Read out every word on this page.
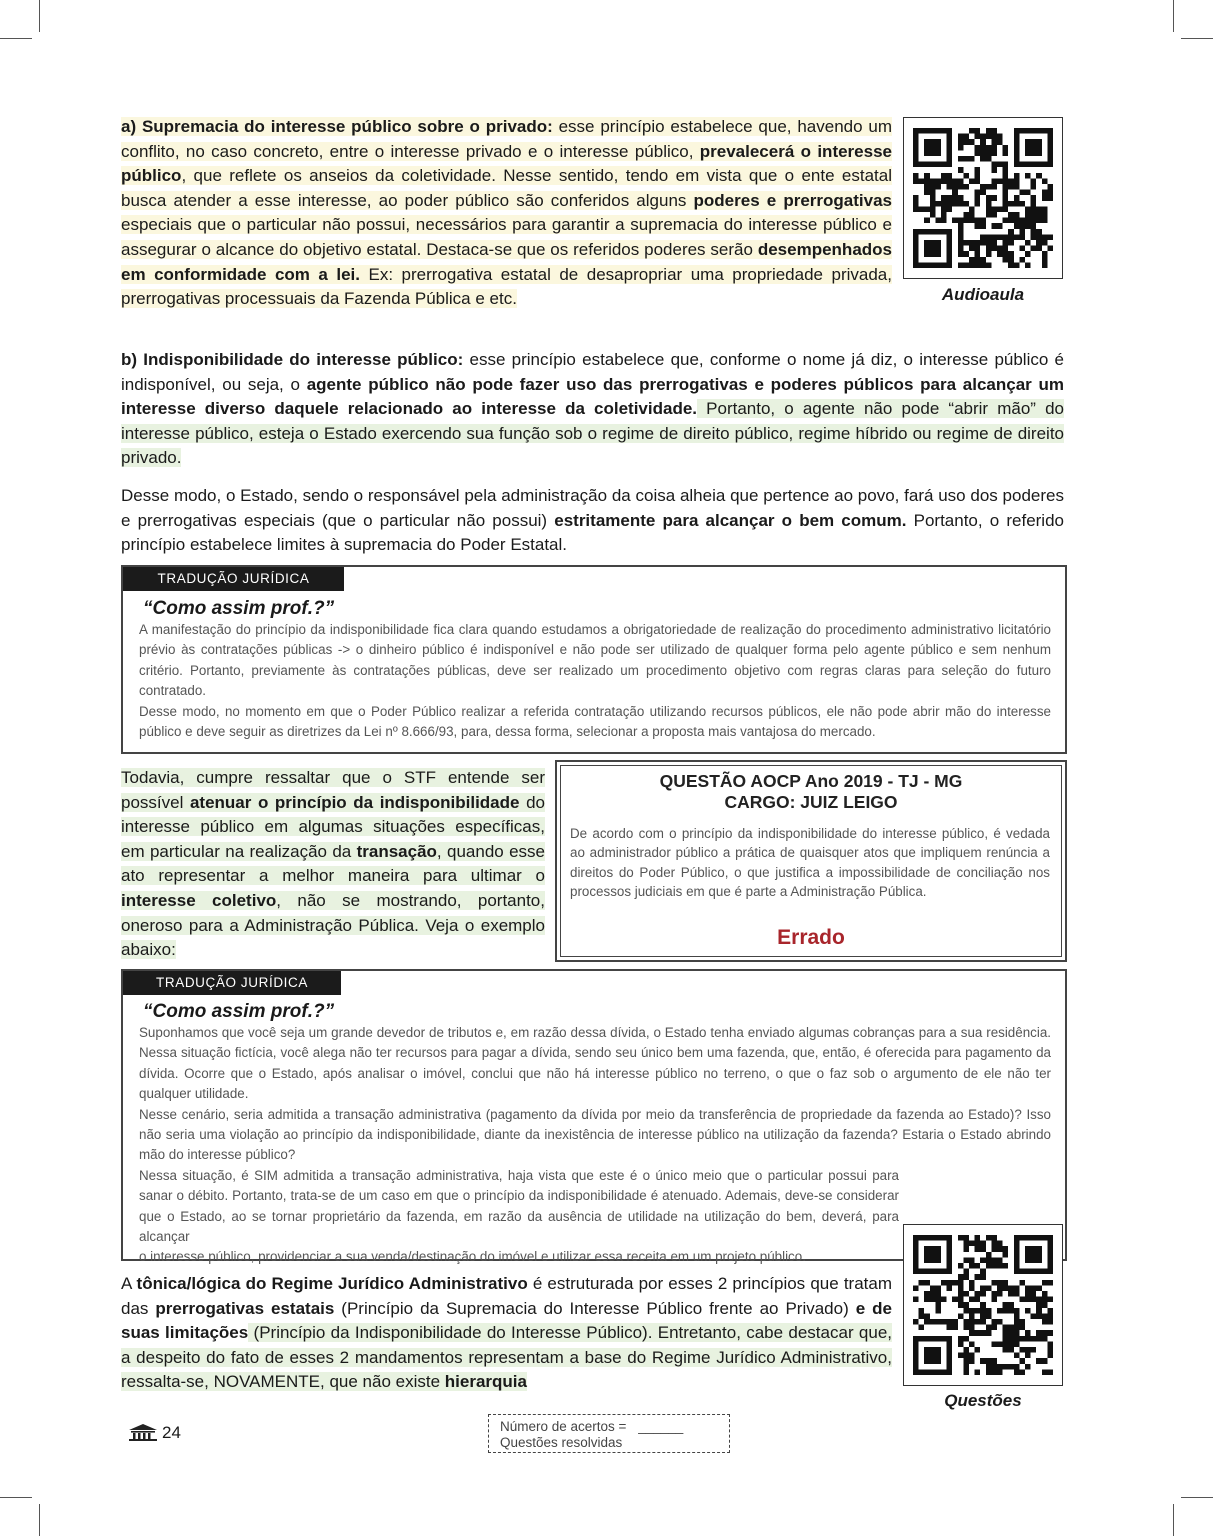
a) Supremacia do interesse público sobre o privado: esse princípio estabelece que, havendo um conflito, no caso concreto, entre o interesse privado e o interesse público, prevalecerá o interesse público, que reflete os anseios da coletividade. Nesse sentido, tendo em vista que o ente estatal busca atender a esse interesse, ao poder público são conferidos alguns poderes e prerrogativas especiais que o particular não possui, necessários para garantir a supremacia do interesse público e assegurar o alcance do objetivo estatal. Destaca-se que os referidos poderes serão desempenhados em conformidade com a lei. Ex: prerrogativa estatal de desapropriar uma propriedade privada, prerrogativas processuais da Fazenda Pública e etc.	Audioaula
b) Indisponibilidade do interesse público: esse princípio estabelece que, conforme o nome já diz, o interesse público é indisponível, ou seja, o agente público não pode fazer uso das prerrogativas e poderes públicos para alcançar um interesse diverso daquele relacionado ao interesse da coletividade. Portanto, o agente não pode “abrir mão” do interesse público, esteja o Estado exercendo sua função sob o regime de direito público, regime híbrido ou regime de direito privado.
Desse modo, o Estado, sendo o responsável pela administração da coisa alheia que pertence ao povo, fará uso dos poderes e prerrogativas especiais (que o particular não possui) estritamente para alcançar o bem comum. Portanto, o referido princípio estabelece limites à supremacia do Poder Estatal.
TRADUÇÃO JURÍDICA
“Como assim prof.?”

A manifestação do princípio da indisponibilidade fica clara quando estudamos a obrigatoriedade de realização do procedimento administrativo licitatório prévio às contratações públicas -> o dinheiro público é indisponível e não pode ser utilizado de qualquer forma pelo agente público e sem nenhum critério. Portanto, previamente às contratações públicas, deve ser realizado um procedimento objetivo com regras claras para seleção do futuro contratado.

Desse modo, no momento em que o Poder Público realizar a referida contratação utilizando recursos públicos, ele não pode abrir mão do interesse público e deve seguir as diretrizes da Lei nº 8.666/93, para, dessa forma, selecionar a proposta mais vantajosa do mercado.

Todavia, cumpre ressaltar que o STF entende ser possível atenuar o princípio da indisponibilidade do interesse público em algumas situações específicas, em particular na realização da transação, quando esse ato representar a melhor maneira para ultimar o interesse coletivo, não se mostrando, portanto, oneroso para a Administração Pública. Veja o exemplo abaixo:
QUESTÃO AOCP Ano 2019 - TJ - MG
CARGO: JUIZ LEIGO
De acordo com o princípio da indisponibilidade do interesse público, é vedada ao administrador público a prática de quaisquer atos que impliquem renúncia a direitos do Poder Público, o que justifica a impossibilidade de conciliação nos processos judiciais em que é parte a Administração Pública.
Errado
TRADUÇÃO JURÍDICA
“Como assim prof.?”

Suponhamos que você seja um grande devedor de tributos e, em razão dessa dívida, o Estado tenha enviado algumas cobranças para a sua residência. Nessa situação fictícia, você alega não ter recursos para pagar a dívida, sendo seu único bem uma fazenda, que, então, é oferecida para pagamento da dívida. Ocorre que o Estado, após analisar o imóvel, conclui que não há interesse público no terreno, o que o faz sob o argumento de ele não ter qualquer utilidade.

Nesse cenário, seria admitida a transação administrativa (pagamento da dívida por meio da transferência de propriedade da fazenda ao Estado)? Isso não seria uma violação ao princípio da indisponibilidade, diante da inexistência de interesse público na utilização da fazenda? Estaria o Estado abrindo mão do interesse público?

Nessa situação, é SIM admitida a transação administrativa, haja vista que este é o único meio que o particular possui para sanar o débito. Portanto, trata-se de um caso em que o princípio da indisponibilidade é atenuado. Ademais, deve-se considerar que o Estado, ao se tornar proprietário da fazenda, em razão da ausência de utilidade na utilização do bem, deverá, para alcançar

o interesse público, providenciar a sua venda/destinação do imóvel e utilizar essa receita em um projeto público.

Questões
A tônica/lógica do Regime Jurídico Administrativo é estruturada por esses 2 princípios que tratam das prerrogativas estatais (Princípio da Supremacia do Interesse Público frente ao Privado) e de suas limitações (Princípio da Indisponibilidade do Interesse Público). Entretanto, cabe destacar que, a despeito do fato de esses 2 mandamentos representam a base do Regime Jurídico Administrativo, ressalta-se, NOVAMENTE, que não existe hierarquia
24	Número de acertos = ______
Questões resolvidas
